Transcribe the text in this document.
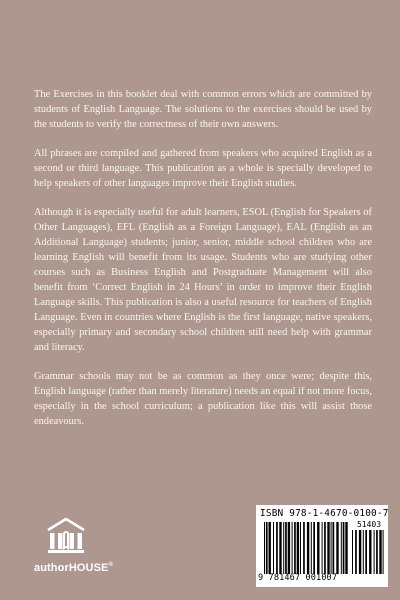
The Exercises in this booklet deal with common errors which are committed by students of English Language. The solutions to the exercises should be used by the students to verify the correctness of their own answers.

All phrases are compiled and gathered from speakers who acquired English as a second or third language. This publication as a whole is specially developed to help speakers of other languages improve their English studies.

Although it is especially useful for adult learners, ESOL (English for Speakers of Other Languages), EFL (English as a Foreign Language), EAL (English as an Additional Language) students; junior, senior, middle school children who are learning English will benefit from its usage. Students who are studying other courses such as Business English and Postgraduate Management will also benefit from ‘Correct English in 24 Hours’ in order to improve their English Language skills. This publication is also a useful resource for teachers of English Language. Even in countries where English is the first language, native speakers, especially primary and secondary school children still need help with grammar and literacy.

Grammar schools may not be as common as they once were; despite this, English language (rather than merely literature) needs an equal if not more focus, especially in the school curriculum; a publication like this will assist those endeavours.

authorHOUSE®
ISBN 978-1-4670-0100-7
51403
9 781467 001007
